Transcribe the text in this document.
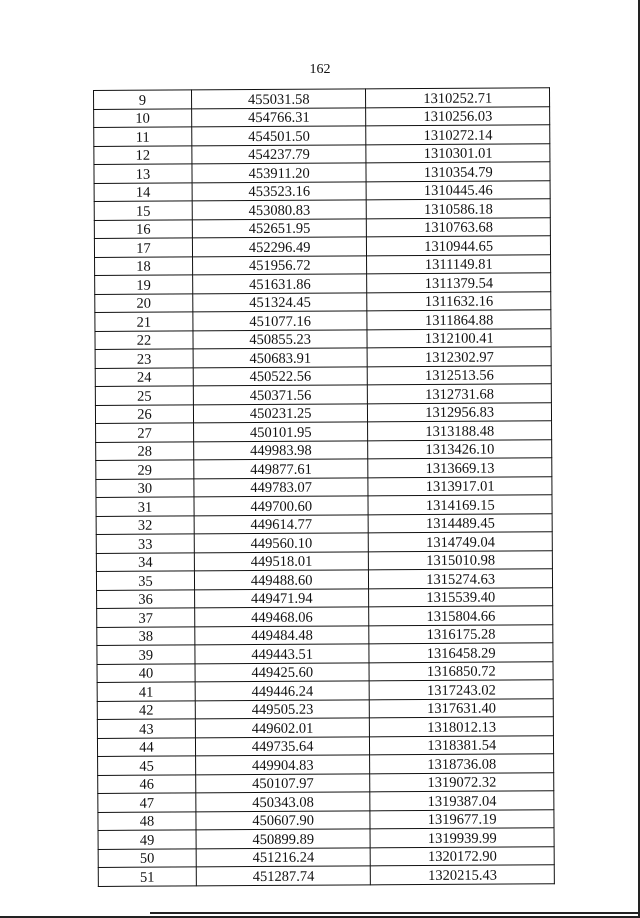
162
9	455031.58	1310252.71
10	454766.31	1310256.03
11	454501.50	1310272.14
12	454237.79	1310301.01
13	453911.20	1310354.79
14	453523.16	1310445.46
15	453080.83	1310586.18
16	452651.95	1310763.68
17	452296.49	1310944.65
18	451956.72	1311149.81
19	451631.86	1311379.54
20	451324.45	1311632.16
21	451077.16	1311864.88
22	450855.23	1312100.41
23	450683.91	1312302.97
24	450522.56	1312513.56
25	450371.56	1312731.68
26	450231.25	1312956.83
27	450101.95	1313188.48
28	449983.98	1313426.10
29	449877.61	1313669.13
30	449783.07	1313917.01
31	449700.60	1314169.15
32	449614.77	1314489.45
33	449560.10	1314749.04
34	449518.01	1315010.98
35	449488.60	1315274.63
36	449471.94	1315539.40
37	449468.06	1315804.66
38	449484.48	1316175.28
39	449443.51	1316458.29
40	449425.60	1316850.72
41	449446.24	1317243.02
42	449505.23	1317631.40
43	449602.01	1318012.13
44	449735.64	1318381.54
45	449904.83	1318736.08
46	450107.97	1319072.32
47	450343.08	1319387.04
48	450607.90	1319677.19
49	450899.89	1319939.99
50	451216.24	1320172.90
51	451287.74	1320215.43
